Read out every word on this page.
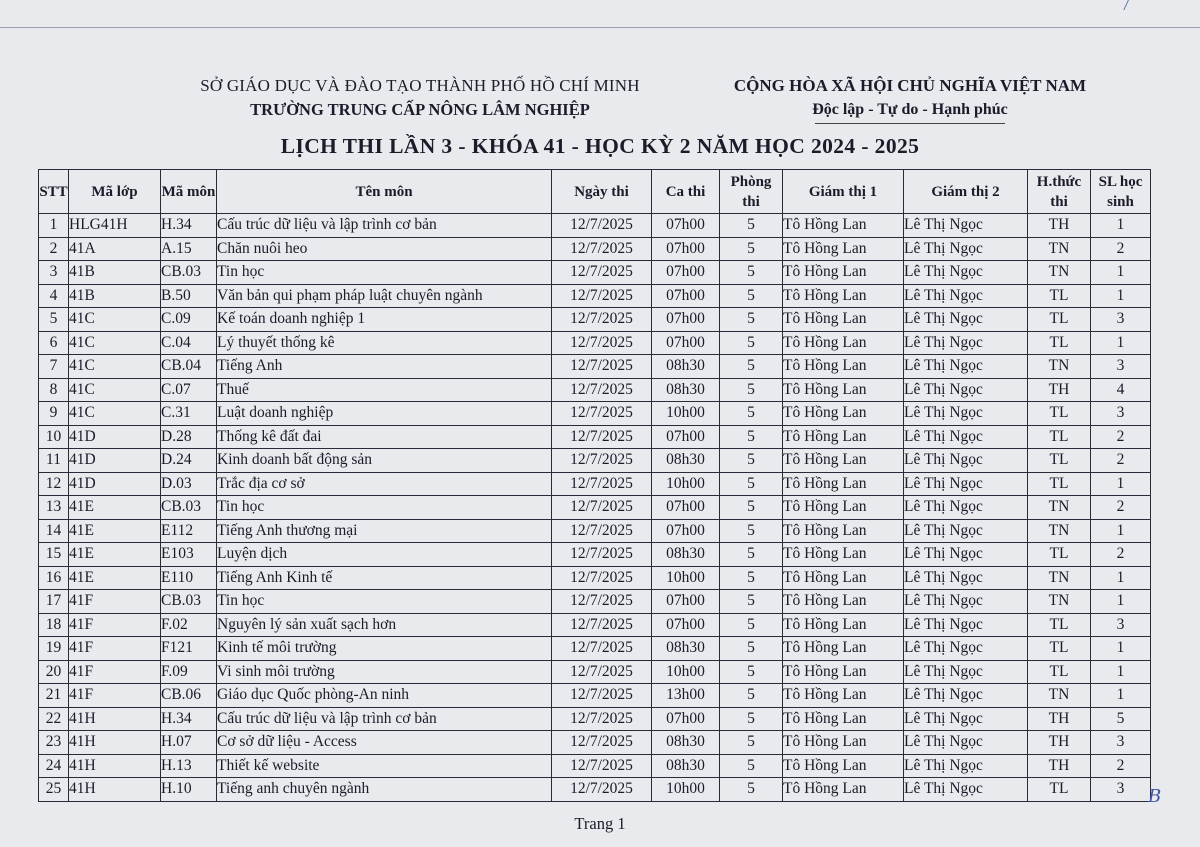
SỞ GIÁO DỤC VÀ ĐÀO TẠO THÀNH PHỐ HỒ CHÍ MINH
TRƯỜNG TRUNG CẤP NÔNG LÂM NGHIỆP
CỘNG HÒA XÃ HỘI CHỦ NGHĨA VIỆT NAM
Độc lập - Tự do - Hạnh phúc
LỊCH THI LẦN 3 - KHÓA 41 - HỌC KỲ 2 NĂM HỌC 2024 - 2025
STT	Mã lớp	Mã môn	Tên môn	Ngày thi	Ca thi	Phòng thi	Giám thị 1	Giám thị 2	H.thức thi	SL học sinh
1	HLG41H	H.34	Cấu trúc dữ liệu và lập trình cơ bản	12/7/2025	07h00	5	Tô Hồng Lan	Lê Thị Ngọc	TH	1
2	41A	A.15	Chăn nuôi heo	12/7/2025	07h00	5	Tô Hồng Lan	Lê Thị Ngọc	TN	2
3	41B	CB.03	Tin học	12/7/2025	07h00	5	Tô Hồng Lan	Lê Thị Ngọc	TN	1
4	41B	B.50	Văn bản qui phạm pháp luật chuyên ngành	12/7/2025	07h00	5	Tô Hồng Lan	Lê Thị Ngọc	TL	1
5	41C	C.09	Kế toán doanh nghiệp 1	12/7/2025	07h00	5	Tô Hồng Lan	Lê Thị Ngọc	TL	3
6	41C	C.04	Lý thuyết thống kê	12/7/2025	07h00	5	Tô Hồng Lan	Lê Thị Ngọc	TL	1
7	41C	CB.04	Tiếng Anh	12/7/2025	08h30	5	Tô Hồng Lan	Lê Thị Ngọc	TN	3
8	41C	C.07	Thuế	12/7/2025	08h30	5	Tô Hồng Lan	Lê Thị Ngọc	TH	4
9	41C	C.31	Luật doanh nghiệp	12/7/2025	10h00	5	Tô Hồng Lan	Lê Thị Ngọc	TL	3
10	41D	D.28	Thống kê đất đai	12/7/2025	07h00	5	Tô Hồng Lan	Lê Thị Ngọc	TL	2
11	41D	D.24	Kinh doanh bất động sản	12/7/2025	08h30	5	Tô Hồng Lan	Lê Thị Ngọc	TL	2
12	41D	D.03	Trắc địa cơ sở	12/7/2025	10h00	5	Tô Hồng Lan	Lê Thị Ngọc	TL	1
13	41E	CB.03	Tin học	12/7/2025	07h00	5	Tô Hồng Lan	Lê Thị Ngọc	TN	2
14	41E	E112	Tiếng Anh thương mại	12/7/2025	07h00	5	Tô Hồng Lan	Lê Thị Ngọc	TN	1
15	41E	E103	Luyện dịch	12/7/2025	08h30	5	Tô Hồng Lan	Lê Thị Ngọc	TL	2
16	41E	E110	Tiếng Anh Kinh tế	12/7/2025	10h00	5	Tô Hồng Lan	Lê Thị Ngọc	TN	1
17	41F	CB.03	Tin học	12/7/2025	07h00	5	Tô Hồng Lan	Lê Thị Ngọc	TN	1
18	41F	F.02	Nguyên lý sản xuất sạch hơn	12/7/2025	07h00	5	Tô Hồng Lan	Lê Thị Ngọc	TL	3
19	41F	F121	Kinh tế môi trường	12/7/2025	08h30	5	Tô Hồng Lan	Lê Thị Ngọc	TL	1
20	41F	F.09	Vi sinh môi trường	12/7/2025	10h00	5	Tô Hồng Lan	Lê Thị Ngọc	TL	1
21	41F	CB.06	Giáo dục Quốc phòng-An ninh	12/7/2025	13h00	5	Tô Hồng Lan	Lê Thị Ngọc	TN	1
22	41H	H.34	Cấu trúc dữ liệu và lập trình cơ bản	12/7/2025	07h00	5	Tô Hồng Lan	Lê Thị Ngọc	TH	5
23	41H	H.07	Cơ sở dữ liệu - Access	12/7/2025	08h30	5	Tô Hồng Lan	Lê Thị Ngọc	TH	3
24	41H	H.13	Thiết kế website	12/7/2025	08h30	5	Tô Hồng Lan	Lê Thị Ngọc	TH	2
25	41H	H.10	Tiếng anh chuyên ngành	12/7/2025	10h00	5	Tô Hồng Lan	Lê Thị Ngọc	TL	3
Trang 1
B
